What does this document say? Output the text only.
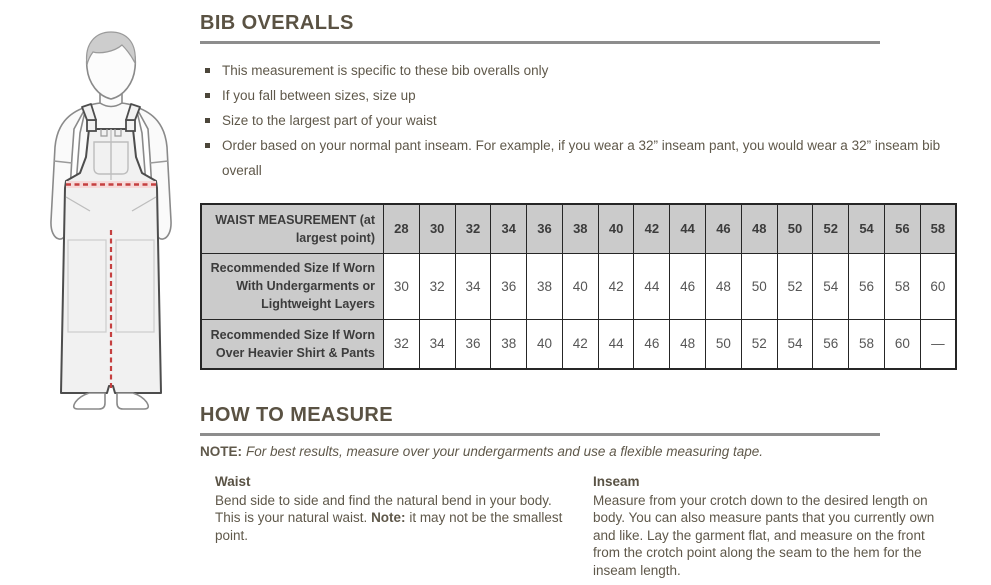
BIB OVERALLS
This measurement is specific to these bib overalls only
If you fall between sizes, size up
Size to the largest part of your waist
Order based on your normal pant inseam. For example, if you wear a 32” inseam pant, you would wear a 32” inseam bib overall
WAIST MEASUREMENT (at largest point)	28	30	32	34	36	38	40	42	44	46	48	50	52	54	56	58
Recommended Size If Worn With Undergarments or Lightweight Layers	30	32	34	36	38	40	42	44	46	48	50	52	54	56	58	60
Recommended Size If Worn Over Heavier Shirt & Pants	32	34	36	38	40	42	44	46	48	50	52	54	56	58	60	—
HOW TO MEASURE

NOTE: For best results, measure over your undergarments and use a flexible measuring tape.

Waist

Bend side to side and find the natural bend in your body. This is your natural waist. Note: it may not be the smallest point.

Inseam

Measure from your crotch down to the desired length on body. You can also measure pants that you currently own and like. Lay the garment flat, and measure on the front from the crotch point along the seam to the hem for the inseam length.
